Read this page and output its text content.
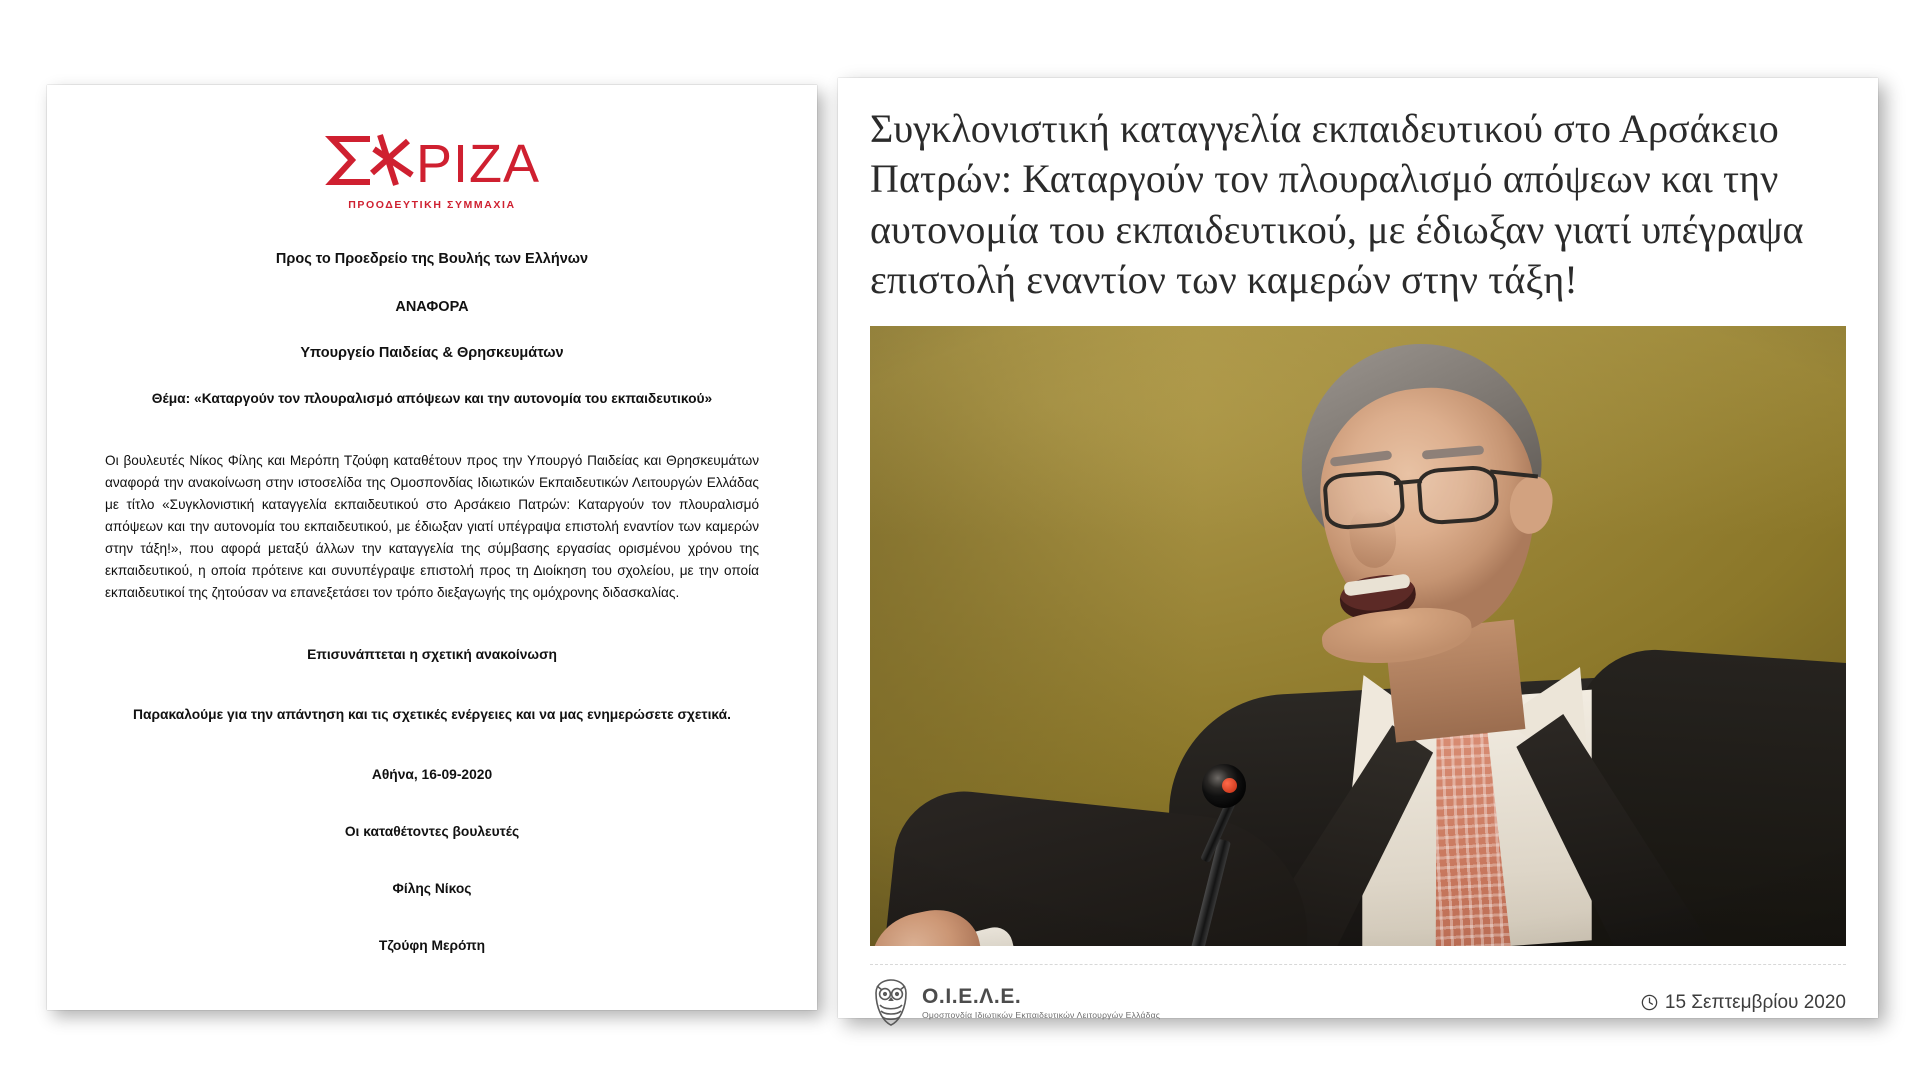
ΡΙΖΑ
ΠΡΟΟΔΕΥΤΙΚΗ ΣΥΜΜΑΧΙΑ
Προς το Προεδρείο της Βουλής των Ελλήνων
ΑΝΑΦΟΡΑ
Υπουργείο Παιδείας & Θρησκευμάτων
Θέμα: «Καταργούν τον πλουραλισμό απόψεων και την αυτονομία του εκπαιδευτικού»
Οι βουλευτές Νίκος Φίλης και Μερόπη Τζούφη καταθέτουν προς την Υπουργό Παιδείας και Θρησκευμάτων αναφορά την ανακοίνωση στην ιστοσελίδα της Ομοσπονδίας Ιδιωτικών Εκπαιδευτικών Λειτουργών Ελλάδας με τίτλο «Συγκλονιστική καταγγελία εκπαιδευτικού στο Αρσάκειο Πατρών: Καταργούν τον πλουραλισμό απόψεων και την αυτονομία του εκπαιδευτικού, με έδιωξαν γιατί υπέγραψα επιστολή εναντίον των καμερών στην τάξη!», που αφορά μεταξύ άλλων την καταγγελία της σύμβασης εργασίας ορισμένου χρόνου της εκπαιδευτικού, η οποία πρότεινε και συνυπέγραψε επιστολή προς τη Διοίκηση του σχολείου, με την οποία εκπαιδευτικοί της ζητούσαν να επανεξετάσει τον τρόπο διεξαγωγής της ομόχρονης διδασκαλίας.
Επισυνάπτεται η σχετική ανακοίνωση
Παρακαλούμε για την απάντηση και τις σχετικές ενέργειες και να μας ενημερώσετε σχετικά.
Αθήνα, 16-09-2020
Οι καταθέτοντες βουλευτές
Φίλης Νίκος
Τζούφη Μερόπη
Συγκλονιστική καταγγελία εκπαιδευτικού στο Αρσάκειο Πατρών: Καταργούν τον πλουραλισμό απόψεων και την αυτονομία του εκπαιδευτικού, με έδιωξαν γιατί υπέγραψα επιστολή εναντίον των καμερών στην τάξη!
Ο.Ι.Ε.Λ.Ε.
Ομοσπονδία Ιδιωτικών Εκπαιδευτικών Λειτουργών Ελλάδας
15 Σεπτεμβρίου 2020
